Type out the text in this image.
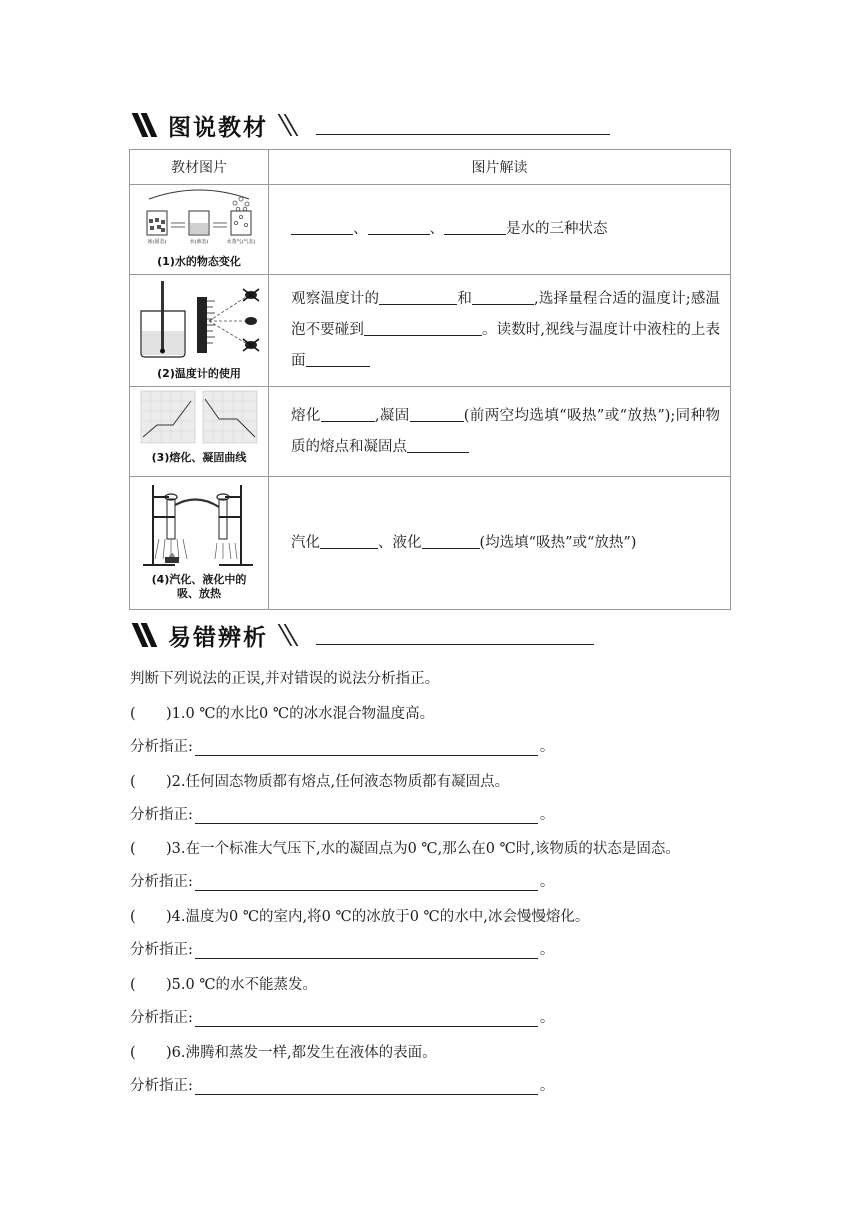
图说教材
教材图片	图片解读

冰(固态) 水(液态) 水蒸气(气态)
(1)水的物态变化	、 、 是水的三种状态

(2)温度计的使用	观察温度计的 和 ,选择量程合适的温度计;感温泡不要碰到 。读数时,视线与温度计中液柱的上表面

(3)熔化、凝固曲线	熔化 ,凝固 (前两空均选填“吸热”或“放热”);同种物质的熔点和凝固点

(4)汽化、液化中的
吸、放热	汽化 、液化 (均选填“吸热”或“放热”)
易错辨析
判断下列说法的正误,并对错误的说法分析指正。
( )1.0 ℃的水比0 ℃的冰水混合物温度高。
分析指正:	。
( )2.任何固态物质都有熔点,任何液态物质都有凝固点。
分析指正:	。
( )3.在一个标准大气压下,水的凝固点为0 ℃,那么在0 ℃时,该物质的状态是固态。
分析指正:	。
( )4.温度为0 ℃的室内,将0 ℃的冰放于0 ℃的水中,冰会慢慢熔化。
分析指正:	。
( )5.0 ℃的水不能蒸发。
分析指正:	。
( )6.沸腾和蒸发一样,都发生在液体的表面。
分析指正:	。
